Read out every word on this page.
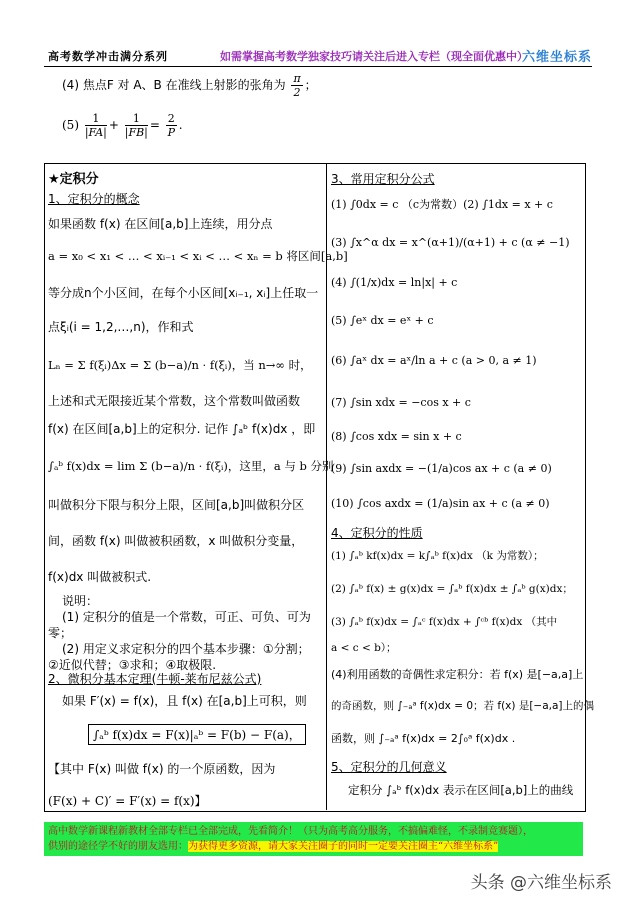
高考数学冲击满分系列	如需掌握高考数学独家技巧请关注后进入专栏（现全面优惠中）
六维坐标系
(4) 焦点F 对 A、B 在准线上射影的张角为 $\frac{\pi}{2}$ ；
$(5) \frac{1}{|FA|} + \frac{1}{|FB|} = \frac{2}{P}$ .
★定积分
1、定积分的概念
如果函数 f(x) 在区间[a,b]上连续，用分点
a = x₀ < x₁ < … < xᵢ₋₁ < xᵢ < … < xₙ = b 将区间[a,b]
等分成n个小区间，在每个小区间[xᵢ₋₁, xᵢ]上任取一
点ξᵢ(i = 1,2,…,n)，作和式
Lₙ = Σ f(ξᵢ)Δx = Σ (b−a)/n · f(ξᵢ)，当 n→∞ 时，
上述和式无限接近某个常数，这个常数叫做函数
f(x) 在区间[a,b]上的定积分. 记作 ∫ₐᵇ f(x)dx ，即
∫ₐᵇ f(x)dx = lim Σ (b−a)/n · f(ξᵢ)，这里，a 与 b 分别
叫做积分下限与积分上限，区间[a,b]叫做积分区
间，函数 f(x) 叫做被积函数，x 叫做积分变量，
f(x)dx 叫做被积式.
说明：
(1) 定积分的值是一个常数，可正、可负、可为
零；
(2) 用定义求定积分的四个基本步骤：①分割；
②近似代替；③求和；④取极限.
2、微积分基本定理(牛顿-莱布尼兹公式)
如果 F′(x) = f(x)，且 f(x) 在[a,b]上可积，则
∫ₐᵇ f(x)dx = F(x)|ₐᵇ = F(b) − F(a)，
【其中 F(x) 叫做 f(x) 的一个原函数，因为
(F(x) + C)′ = F′(x) = f(x)】
3、常用定积分公式
(1) ∫0dx = c （c为常数）(2) ∫1dx = x + c
(3) ∫x^α dx = x^(α+1)/(α+1) + c (α ≠ −1)
(4) ∫(1/x)dx = ln|x| + c
(5) ∫eˣ dx = eˣ + c
(6) ∫aˣ dx = aˣ/ln a + c (a > 0, a ≠ 1)
(7) ∫sin xdx = −cos x + c
(8) ∫cos xdx = sin x + c
(9) ∫sin axdx = −(1/a)cos ax + c (a ≠ 0)
(10) ∫cos axdx = (1/a)sin ax + c (a ≠ 0)
4、定积分的性质
(1) ∫ₐᵇ kf(x)dx = k∫ₐᵇ f(x)dx （k 为常数）；
(2) ∫ₐᵇ f(x) ± g(x)dx = ∫ₐᵇ f(x)dx ± ∫ₐᵇ g(x)dx；
(3) ∫ₐᵇ f(x)dx = ∫ₐᶜ f(x)dx + ∫ᶜᵇ f(x)dx （其中
a < c < b）；
(4)利用函数的奇偶性求定积分：若 f(x) 是[−a,a]上
的奇函数，则 ∫₋ₐᵃ f(x)dx = 0；若 f(x) 是[−a,a]上的偶
函数，则 ∫₋ₐᵃ f(x)dx = 2∫₀ᵃ f(x)dx .
5、定积分的几何意义
定积分 ∫ₐᵇ f(x)dx 表示在区间[a,b]上的曲线
高中数学新课程新教材全部专栏已全部完成，先看简介！（只为高考高分服务，不搞偏难怪，不录制竞赛题），
供别的途径学不好的朋友选用：为获得更多资源，请大家关注圈子的同时一定要关注圈主“六维坐标系”
头条 @六维坐标系
